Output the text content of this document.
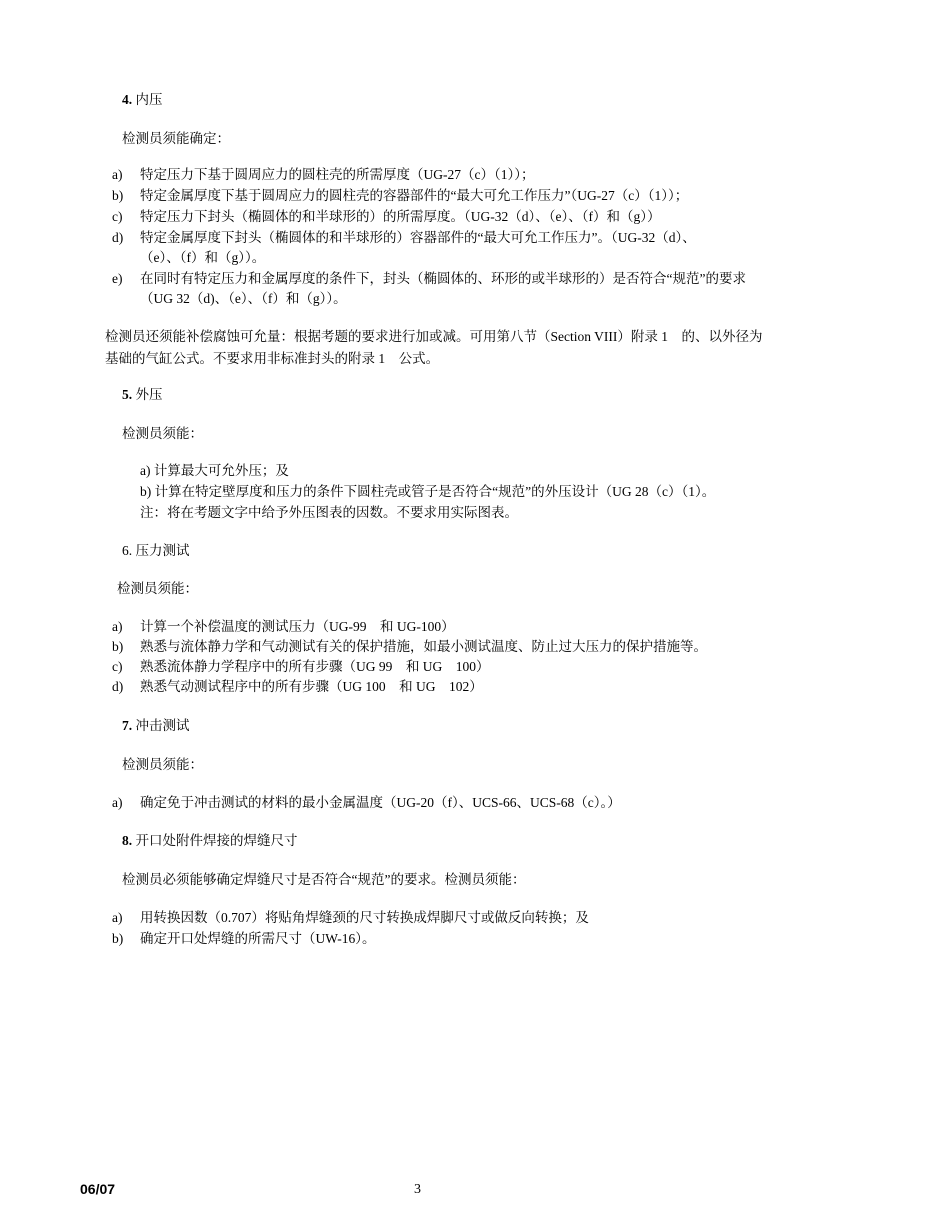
4. 内压
检测员须能确定：
a) 特定压力下基于圆周应力的圆柱壳的所需厚度（UG-27（c）（1））；
b) 特定金属厚度下基于圆周应力的圆柱壳的容器部件的“最大可允工作压力”（UG-27（c）（1））；
c) 特定压力下封头（椭圆体的和半球形的）的所需厚度。（UG-32（d）、（e）、（f）和（g））
d) 特定金属厚度下封头（椭圆体的和半球形的）容器部件的“最大可允工作压力”。（UG-32（d）、
（e）、（f）和（g））。
e) 在同时有特定压力和金属厚度的条件下，封头（椭圆体的、环形的或半球形的）是否符合“规范”的要求
（UG 32（d)、（e）、（f）和（g））。
检测员还须能补偿腐蚀可允量：根据考题的要求进行加或减。可用第八节（Section VIII）附录 1　的、以外径为
基础的气缸公式。不要求用非标准封头的附录 1　公式。
5. 外压
检测员须能：
a) 计算最大可允外压；及
b) 计算在特定壁厚度和压力的条件下圆柱壳或管子是否符合“规范”的外压设计（UG 28（c）（1）。
注：将在考题文字中给予外压图表的因数。不要求用实际图表。
6. 压力测试
检测员须能：
a) 计算一个补偿温度的测试压力（UG-99　和 UG-100）
b) 熟悉与流体静力学和气动测试有关的保护措施，如最小测试温度、防止过大压力的保护措施等。
c) 熟悉流体静力学程序中的所有步骤（UG 99　和 UG　100）
d) 熟悉气动测试程序中的所有步骤（UG 100　和 UG　102）
7. 冲击测试
检测员须能：
a) 确定免于冲击测试的材料的最小金属温度（UG-20（f）、UCS-66、UCS-68（c）。）
8. 开口处附件焊接的焊缝尺寸
检测员必须能够确定焊缝尺寸是否符合“规范”的要求。检测员须能：
a) 用转换因数（0.707）将贴角焊缝颈的尺寸转换成焊脚尺寸或做反向转换；及
b) 确定开口处焊缝的所需尺寸（UW-16）。
06/07	3
